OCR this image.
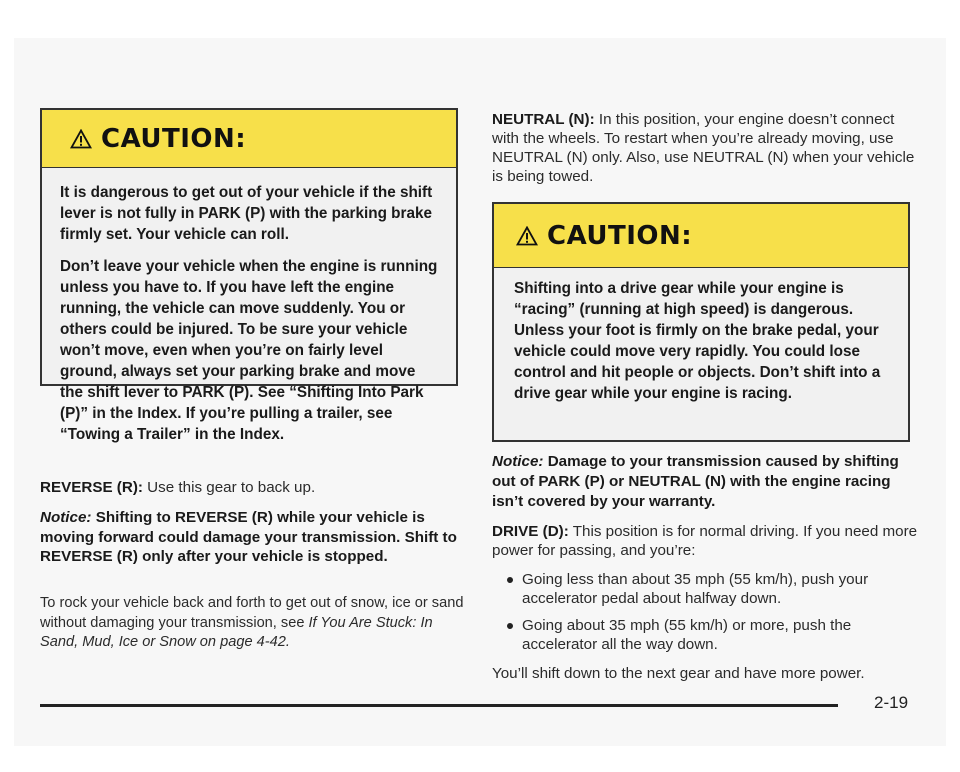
CAUTION:

It is dangerous to get out of your vehicle if the shift lever is not fully in PARK (P) with the parking brake firmly set. Your vehicle can roll.

Don’t leave your vehicle when the engine is running unless you have to. If you have left the engine running, the vehicle can move suddenly. You or others could be injured. To be sure your vehicle won’t move, even when you’re on fairly level ground, always set your parking brake and move the shift lever to PARK (P). See “Shifting Into Park (P)” in the Index. If you’re pulling a trailer, see “Towing a Trailer” in the Index.

REVERSE (R): Use this gear to back up.
Notice: Shifting to REVERSE (R) while your vehicle is moving forward could damage your transmission. Shift to REVERSE (R) only after your vehicle is stopped.
To rock your vehicle back and forth to get out of snow, ice or sand without damaging your transmission, see If You Are Stuck: In Sand, Mud, Ice or Snow on page 4-42.
NEUTRAL (N): In this position, your engine doesn’t connect with the wheels. To restart when you’re already moving, use NEUTRAL (N) only. Also, use NEUTRAL (N) when your vehicle is being towed.
CAUTION:

Shifting into a drive gear while your engine is “racing” (running at high speed) is dangerous. Unless your foot is firmly on the brake pedal, your vehicle could move very rapidly. You could lose control and hit people or objects. Don’t shift into a drive gear while your engine is racing.

Notice: Damage to your transmission caused by shifting out of PARK (P) or NEUTRAL (N) with the engine racing isn’t covered by your warranty.

DRIVE (D): This position is for normal driving. If you need more power for passing, and you’re:

Going less than about 35 mph (55 km/h), push your accelerator pedal about halfway down.
Going about 35 mph (55 km/h) or more, push the accelerator all the way down.

You’ll shift down to the next gear and have more power.

2-19
